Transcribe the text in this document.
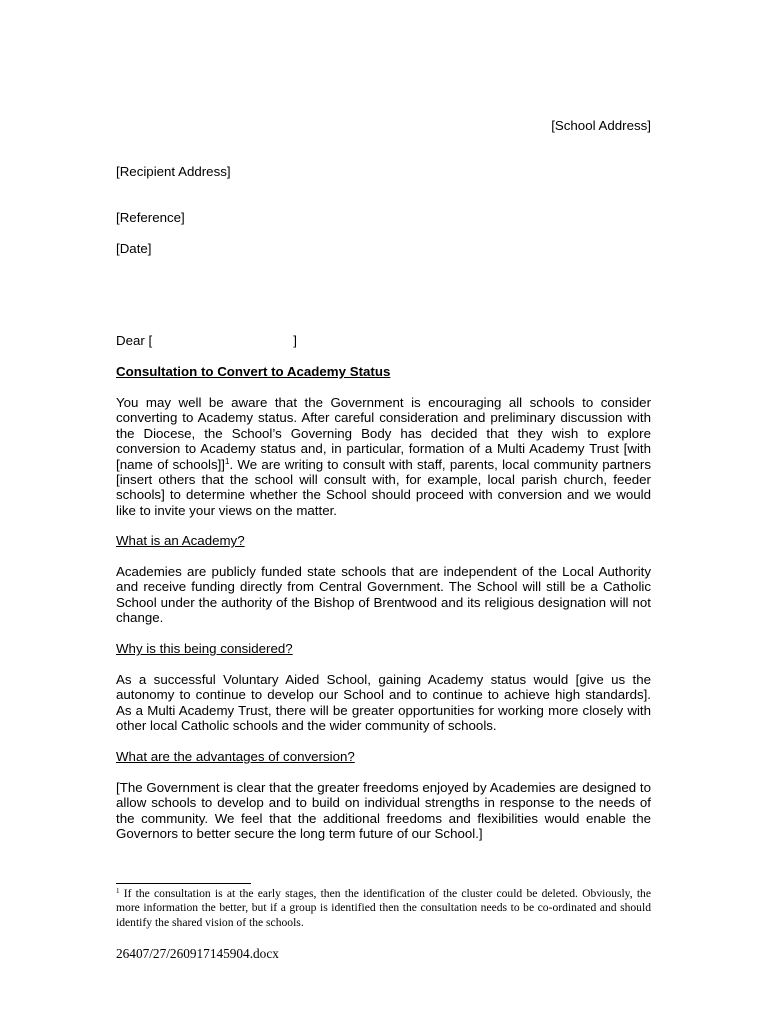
[School Address]
[Recipient Address]
[Reference]
[Date]
Dear [	]
Consultation to Convert to Academy Status
You may well be aware that the Government is encouraging all schools to consider converting to Academy status. After careful consideration and preliminary discussion with the Diocese, the School’s Governing Body has decided that they wish to explore conversion to Academy status and, in particular, formation of a Multi Academy Trust [with [name of schools]]$^1$. We are writing to consult with staff, parents, local community partners [insert others that the school will consult with, for example, local parish church, feeder schools] to determine whether the School should proceed with conversion and we would like to invite your views on the matter.
What is an Academy?
Academies are publicly funded state schools that are independent of the Local Authority and receive funding directly from Central Government. The School will still be a Catholic School under the authority of the Bishop of Brentwood and its religious designation will not change.
Why is this being considered?
As a successful Voluntary Aided School, gaining Academy status would [give us the autonomy to continue to develop our School and to continue to achieve high standards]. As a Multi Academy Trust, there will be greater opportunities for working more closely with other local Catholic schools and the wider community of schools.
What are the advantages of conversion?
[The Government is clear that the greater freedoms enjoyed by Academies are designed to allow schools to develop and to build on individual strengths in response to the needs of the community. We feel that the additional freedoms and flexibilities would enable the Governors to better secure the long term future of our School.]
$^1$ If the consultation is at the early stages, then the identification of the cluster could be deleted. Obviously, the more information the better, but if a group is identified then the consultation needs to be co-ordinated and should identify the shared vision of the schools.
26407/27/260917145904.docx
